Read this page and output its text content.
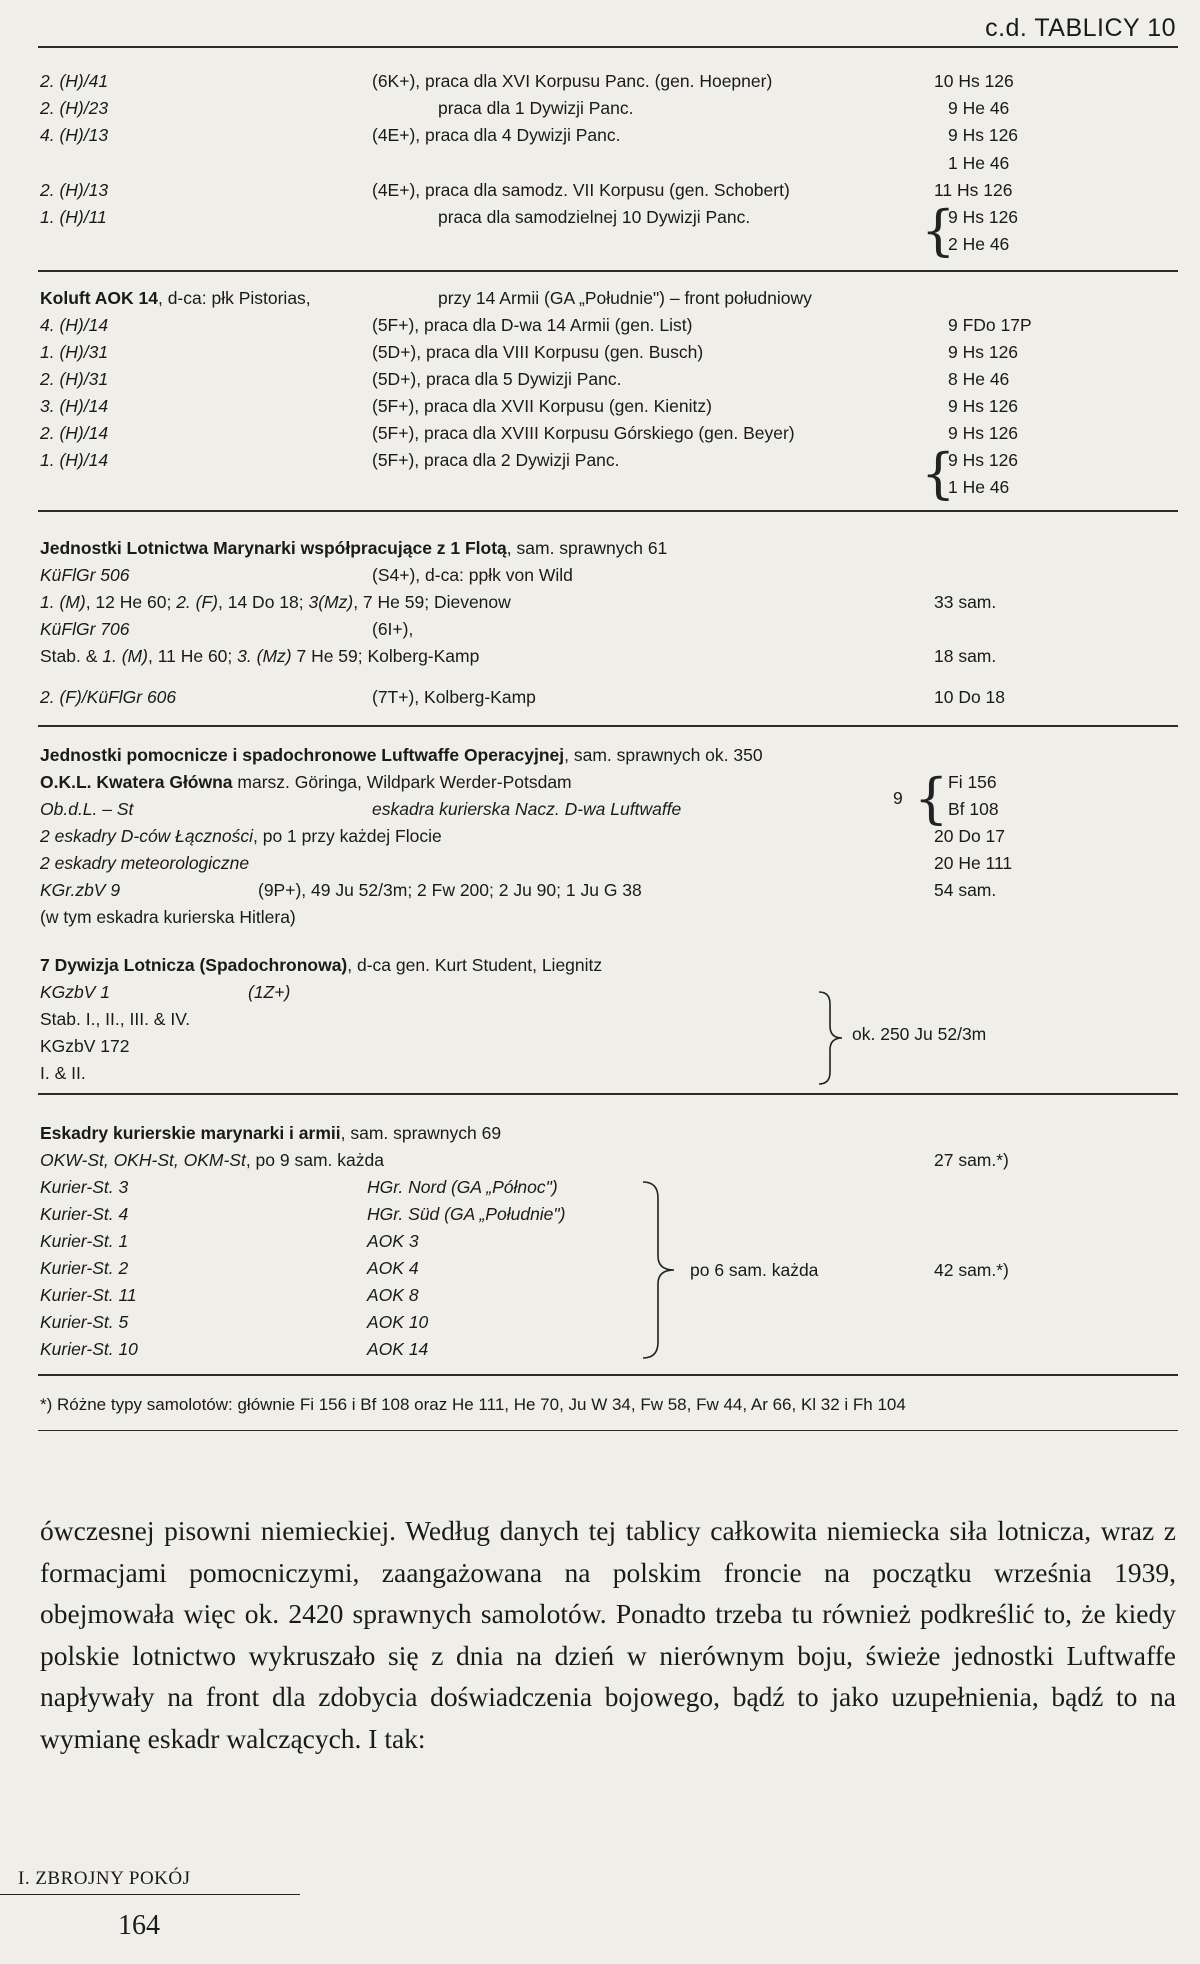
c.d. TABLICY 10
2. (H)/41	(6K+), praca dla XVI Korpusu Panc. (gen. Hoepner)	10 Hs 126
2. (H)/23	praca dla 1 Dywizji Panc.	9 He 46
4. (H)/13	(4E+), praca dla 4 Dywizji Panc.	9 Hs 126
1 He 46
2. (H)/13	(4E+), praca dla samodz. VII Korpusu (gen. Schobert)	11 Hs 126
1. (H)/11	praca dla samodzielnej 10 Dywizji Panc.	{
9 Hs 126
2 He 46
Koluft AOK 14, d-ca: płk Pistorias,	przy 14 Armii (GA „Południe") – front południowy
4. (H)/14	(5F+), praca dla D-wa 14 Armii (gen. List)	9 FDo 17P
1. (H)/31	(5D+), praca dla VIII Korpusu (gen. Busch)	9 Hs 126
2. (H)/31	(5D+), praca dla 5 Dywizji Panc.	8 He 46
3. (H)/14	(5F+), praca dla XVII Korpusu (gen. Kienitz)	9 Hs 126
2. (H)/14	(5F+), praca dla XVIII Korpusu Górskiego (gen. Beyer)	9 Hs 126
1. (H)/14	(5F+), praca dla 2 Dywizji Panc.	{
9 Hs 126
1 He 46
Jednostki Lotnictwa Marynarki współpracujące z 1 Flotą, sam. sprawnych 61
KüFlGr 506	(S4+), d-ca: ppłk von Wild
1. (M), 12 He 60; 2. (F), 14 Do 18; 3(Mz), 7 He 59; Dievenow	33 sam.
KüFlGr 706	(6I+),
Stab. & 1. (M), 11 He 60; 3. (Mz) 7 He 59; Kolberg-Kamp	18 sam.
2. (F)/KüFlGr 606	(7T+), Kolberg-Kamp	10 Do 18
Jednostki pomocnicze i spadochronowe Luftwaffe Operacyjnej, sam. sprawnych ok. 350
O.K.L. Kwatera Główna marsz. Göringa, Wildpark Werder-Potsdam
Ob.d.L. – St	eskadra kurierska Nacz. D-wa Luftwaffe
9 { Fi 156
Bf 108
2 eskadry D-ców Łączności, po 1 przy każdej Flocie	20 Do 17
2 eskadry meteorologiczne	20 He 111
KGr.zbV 9	(9P+), 49 Ju 52/3m; 2 Fw 200; 2 Ju 90; 1 Ju G 38	54 sam.
(w tym eskadra kurierska Hitlera)
7 Dywizja Lotnicza (Spadochronowa), d-ca gen. Kurt Student, Liegnitz
KGzbV 1	(1Z+)
Stab. I., II., III. & IV.
KGzbV 172
I. & II.
ok. 250 Ju 52/3m
Eskadry kurierskie marynarki i armii, sam. sprawnych 69
OKW-St, OKH-St, OKM-St, po 9 sam. każda	27 sam.*)
Kurier-St. 3	HGr. Nord (GA „Północ")
Kurier-St. 4	HGr. Süd (GA „Południe")
Kurier-St. 1	AOK 3
Kurier-St. 2	AOK 4
Kurier-St. 11	AOK 8
Kurier-St. 5	AOK 10
Kurier-St. 10	AOK 14
po 6 sam. każda	42 sam.*)
*) Różne typy samolotów: głównie Fi 156 i Bf 108 oraz He 111, He 70, Ju W 34, Fw 58, Fw 44, Ar 66, Kl 32 i Fh 104

ówczesnej pisowni niemieckiej. Według danych tej tablicy całkowita niemiecka siła lotnicza, wraz z formacjami pomocniczymi, zaangażowana na polskim froncie na początku września 1939, obejmowała więc ok. 2420 sprawnych samolotów. Ponadto trzeba tu również podkreślić to, że kiedy polskie lotnictwo wykruszało się z dnia na dzień w nierównym boju, świeże jednostki Luftwaffe napływały na front dla zdobycia doświadczenia bojowego, bądź to jako uzupełnienia, bądź to na wymianę eskadr walczących. I tak:

I. ZBROJNY POKÓJ
164
